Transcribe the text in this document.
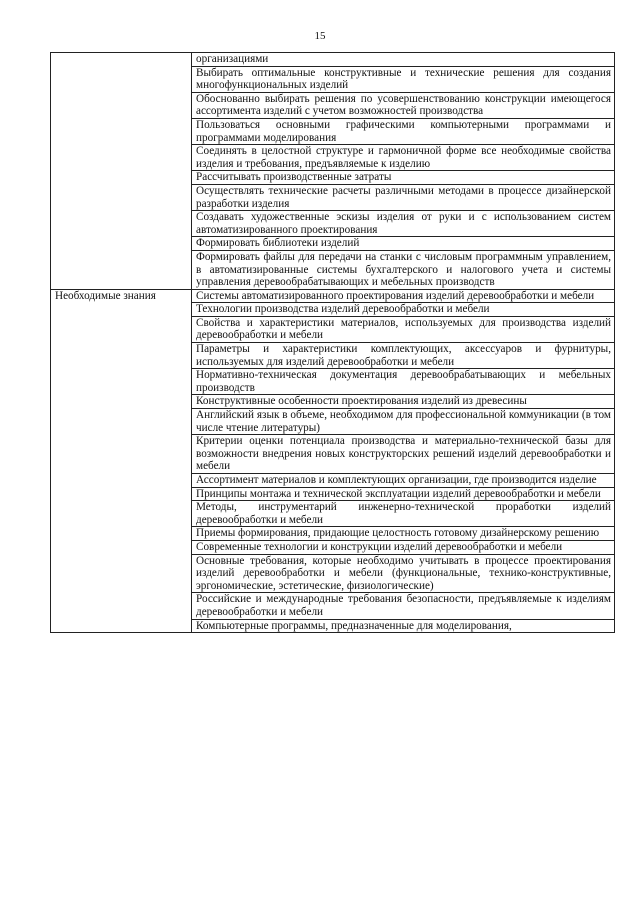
15
	организациями
	Выбирать оптимальные конструктивные и технические решения для создания многофункциональных изделий
	Обоснованно выбирать решения по усовершенствованию конструкции имеющегося ассортимента изделий с учетом возможностей производства
	Пользоваться основными графическими компьютерными программами и программами моделирования
	Соединять в целостной структуре и гармоничной форме все необходимые свойства изделия и требования, предъявляемые к изделию
	Рассчитывать производственные затраты
	Осуществлять технические расчеты различными методами в процессе дизайнерской разработки изделия
	Создавать художественные эскизы изделия от руки и с использованием систем автоматизированного проектирования
	Формировать библиотеки изделий
	Формировать файлы для передачи на станки с числовым программным управлением, в автоматизированные системы бухгалтерского и налогового учета и системы управления деревообрабатывающих и мебельных производств
Необходимые знания	Системы автоматизированного проектирования изделий деревообработки и мебели
	Технологии производства изделий деревообработки и мебели
	Свойства и характеристики материалов, используемых для производства изделий деревообработки и мебели
	Параметры и характеристики комплектующих, аксессуаров и фурнитуры, используемых для изделий деревообработки и мебели
	Нормативно-техническая документация деревообрабатывающих и мебельных производств
	Конструктивные особенности проектирования изделий из древесины
	Английский язык в объеме, необходимом для профессиональной коммуникации (в том числе чтение литературы)
	Критерии оценки потенциала производства и материально-технической базы для возможности внедрения новых конструкторских решений изделий деревообработки и мебели
	Ассортимент материалов и комплектующих организации, где производится изделие
	Принципы монтажа и технической эксплуатации изделий деревообработки и мебели
	Методы, инструментарий инженерно-технической проработки изделий деревообработки и мебели
	Приемы формирования, придающие целостность готовому дизайнерскому решению
	Современные технологии и конструкции изделий деревообработки и мебели
	Основные требования, которые необходимо учитывать в процессе проектирования изделий деревообработки и мебели (функциональные, технико-конструктивные, эргономические, эстетические, физиологические)
	Российские и международные требования безопасности, предъявляемые к изделиям деревообработки и мебели
	Компьютерные программы, предназначенные для моделирования,
